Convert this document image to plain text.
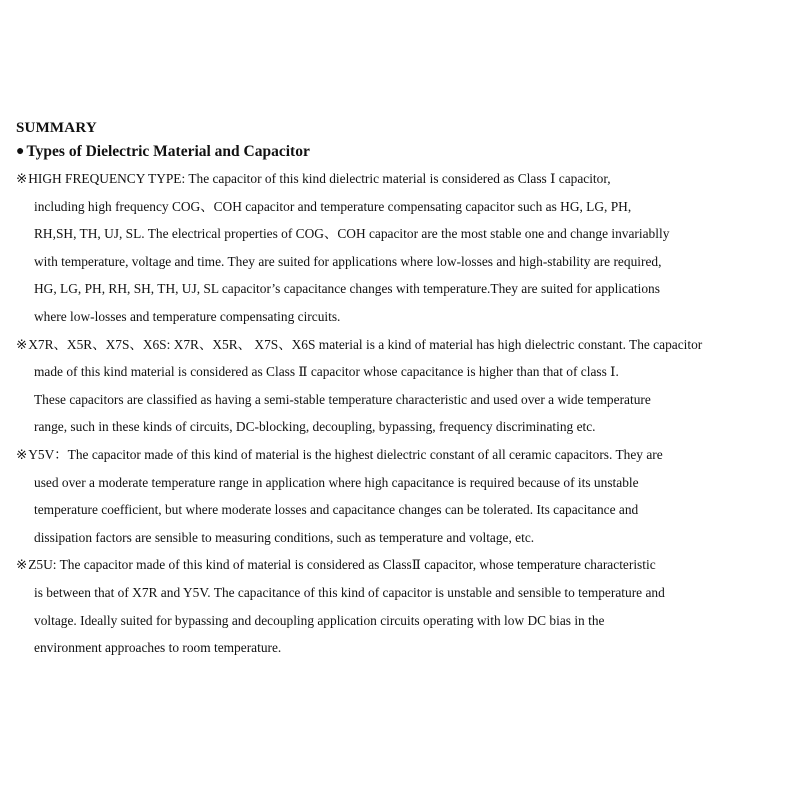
SUMMARY
● Types of Dielectric Material and Capacitor
※HIGH FREQUENCY TYPE: The capacitor of this kind dielectric material is considered as Class Ⅰ capacitor,
including high frequency COG、COH capacitor and temperature compensating capacitor such as HG, LG, PH,
RH,SH, TH, UJ, SL. The electrical properties of COG、COH capacitor are the most stable one and change invariablly
with temperature, voltage and time. They are suited for applications where low-losses and high-stability are required,
HG, LG, PH, RH, SH, TH, UJ, SL capacitor’s capacitance changes with temperature.They are suited for applications
where low-losses and temperature compensating circuits.
※X7R、X5R、X7S、X6S: X7R、X5R、 X7S、X6S material is a kind of material has high dielectric constant. The capacitor
made of this kind material is considered as Class Ⅱ capacitor whose capacitance is higher than that of class Ⅰ.
These capacitors are classified as having a semi-stable temperature characteristic and used over a wide temperature
range, such in these kinds of circuits, DC-blocking, decoupling, bypassing, frequency discriminating etc.
※Y5V：The capacitor made of this kind of material is the highest dielectric constant of all ceramic capacitors. They are
used over a moderate temperature range in application where high capacitance is required because of its unstable
temperature coefficient, but where moderate losses and capacitance changes can be tolerated. Its capacitance and
dissipation factors are sensible to measuring conditions, such as temperature and voltage, etc.
※Z5U: The capacitor made of this kind of material is considered as ClassⅡ capacitor, whose temperature characteristic
is between that of X7R and Y5V. The capacitance of this kind of capacitor is unstable and sensible to temperature and
voltage. Ideally suited for bypassing and decoupling application circuits operating with low DC bias in the
environment approaches to room temperature.
